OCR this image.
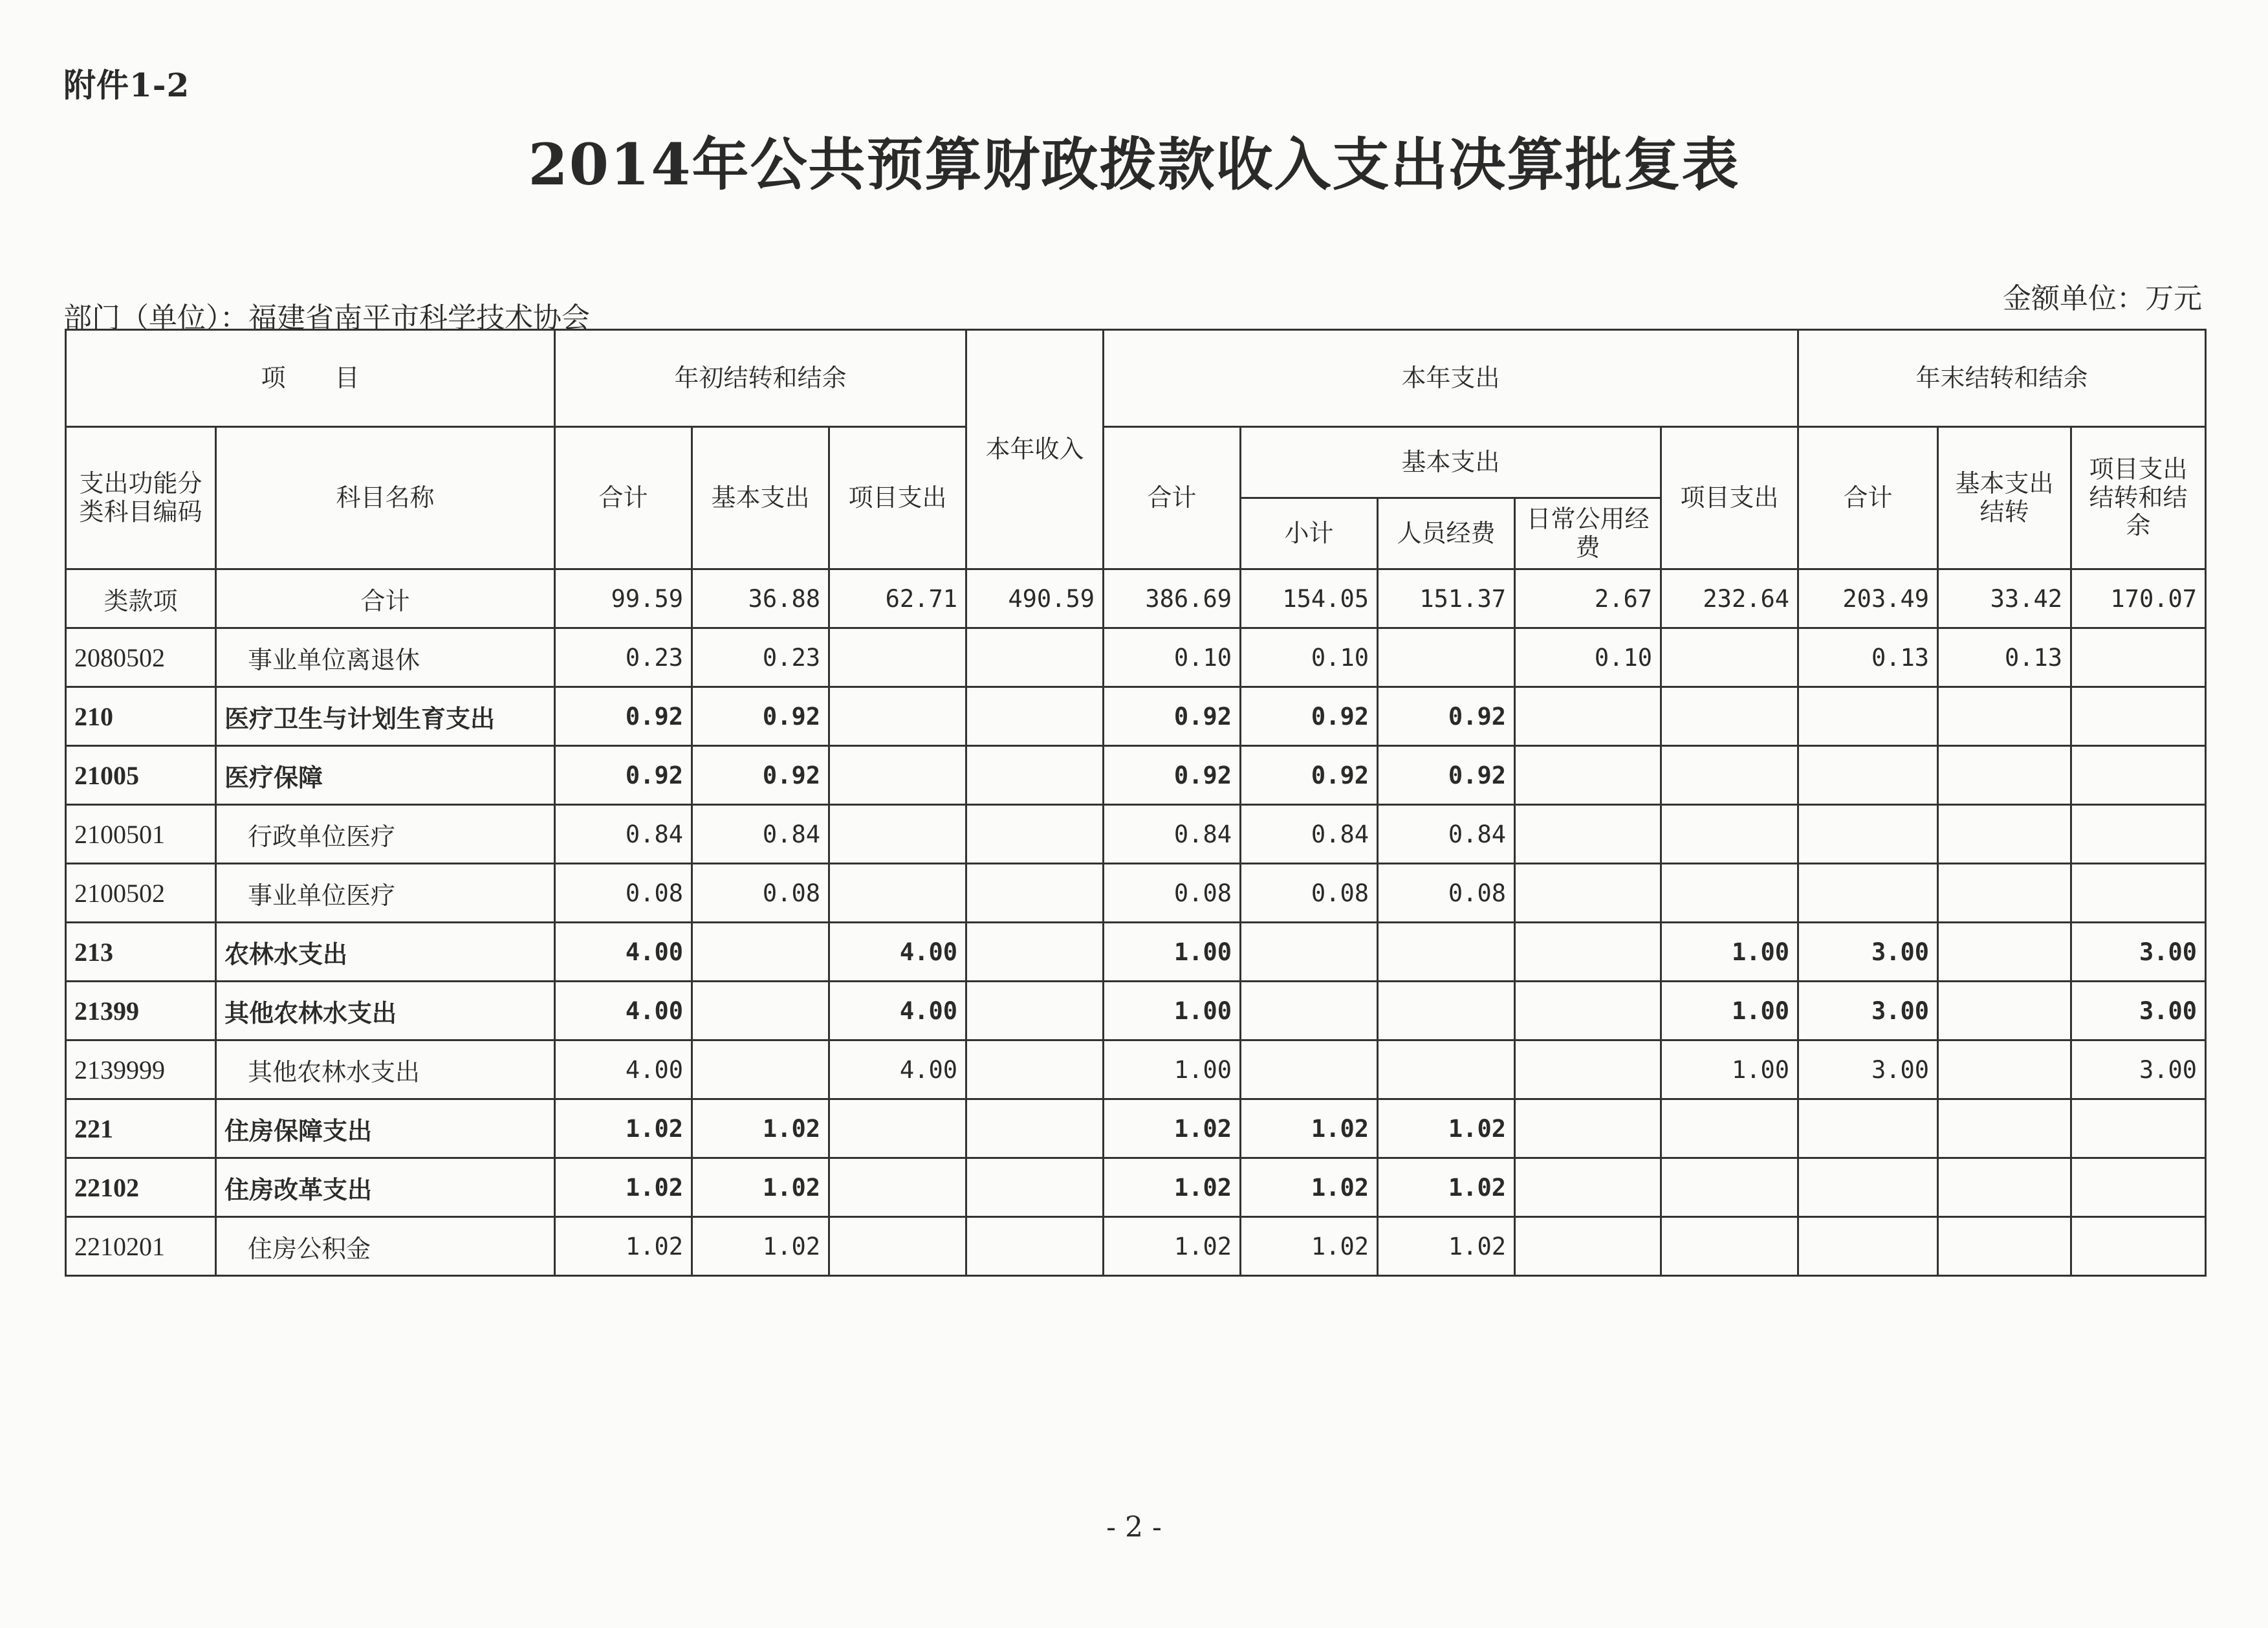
附件1-2
2014年公共预算财政拨款收入支出决算批复表
部门（单位）：福建省南平市科学技术协会
金额单位：万元
项　　目		年初结转和结余			本年收入	本年支出					年末结转和结余		
支出功能分类科目编码	科目名称	合计	基本支出	项目支出		合计	基本支出			项目支出	合计	基本支出结转	项目支出结转和结余
							小计	人员经费	日常公用经费				
类款项	合计	99.59	36.88	62.71	490.59	386.69	154.05	151.37	2.67	232.64	203.49	33.42	170.07
2080502	事业单位离退休	0.23	0.23			0.10	0.10		0.10		0.13	0.13	
210	医疗卫生与计划生育支出	0.92	0.92			0.92	0.92	0.92					
21005	医疗保障	0.92	0.92			0.92	0.92	0.92					
2100501	行政单位医疗	0.84	0.84			0.84	0.84	0.84					
2100502	事业单位医疗	0.08	0.08			0.08	0.08	0.08					
213	农林水支出	4.00		4.00		1.00				1.00	3.00		3.00
21399	其他农林水支出	4.00		4.00		1.00				1.00	3.00		3.00
2139999	其他农林水支出	4.00		4.00		1.00				1.00	3.00		3.00
221	住房保障支出	1.02	1.02			1.02	1.02	1.02					
22102	住房改革支出	1.02	1.02			1.02	1.02	1.02					
2210201	住房公积金	1.02	1.02			1.02	1.02	1.02					
- 2 -
